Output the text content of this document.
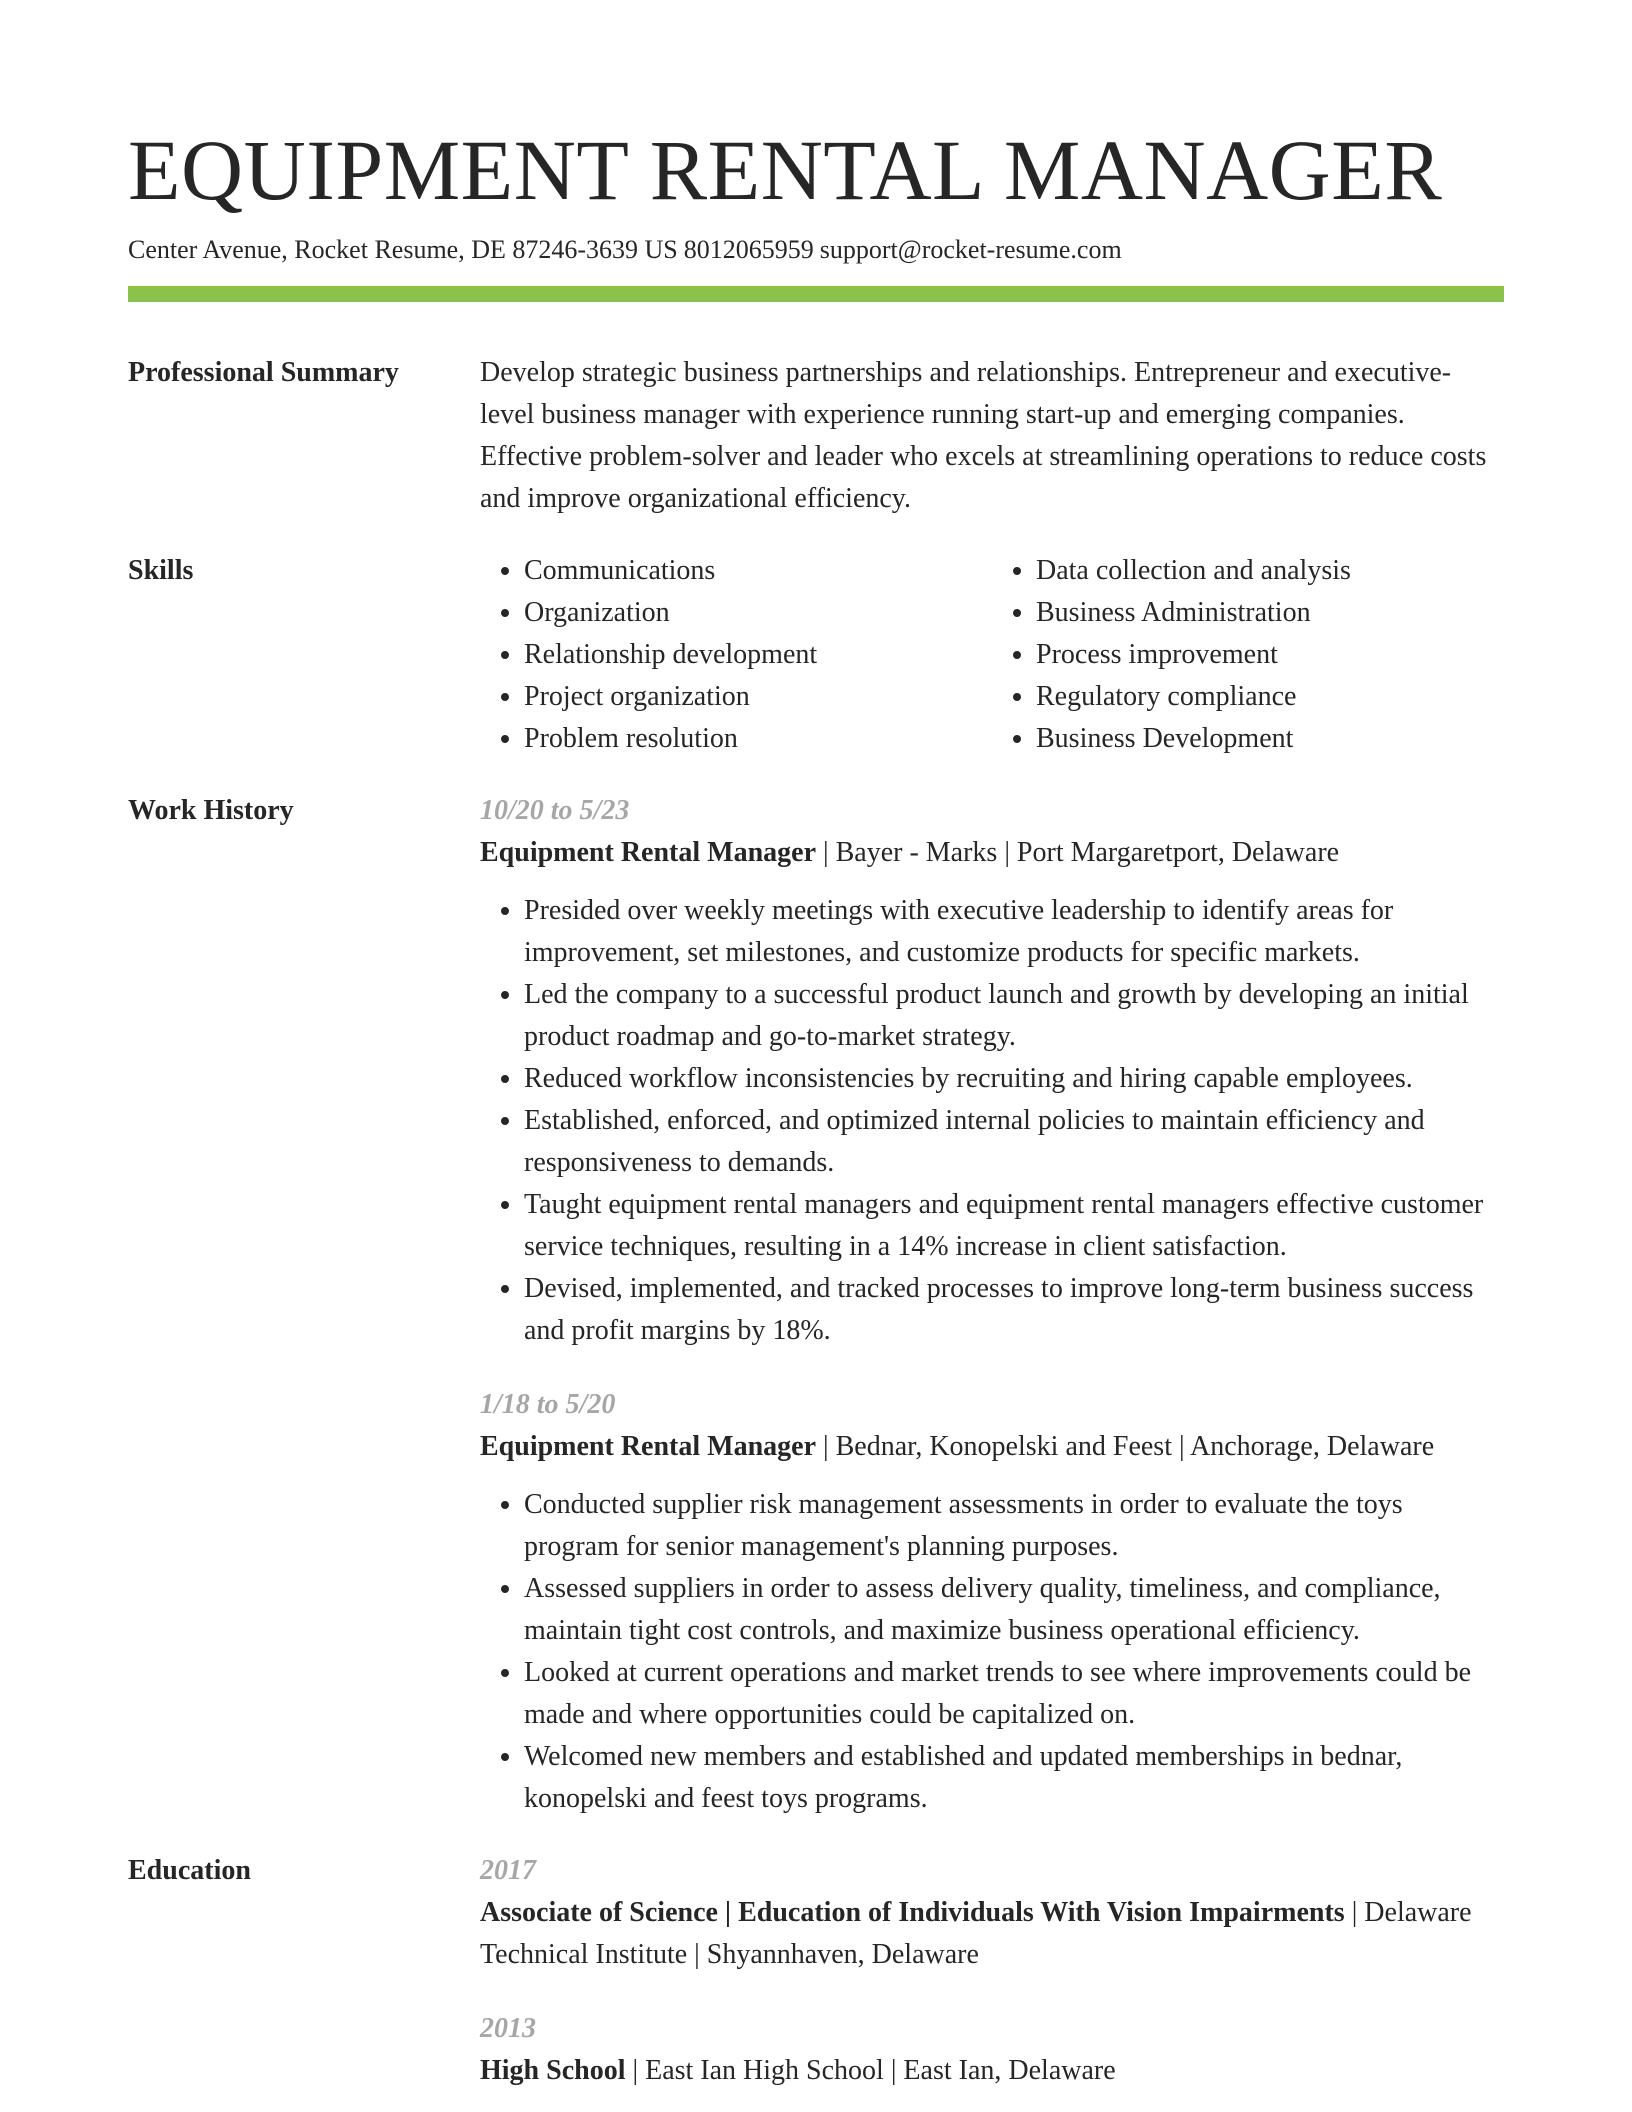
EQUIPMENT RENTAL MANAGER
Center Avenue, Rocket Resume, DE 87246-3639 US 8012065959 support@rocket-resume.com
Professional Summary	Develop strategic business partnerships and relationships. Entrepreneur and executive-level business manager with experience running start-up and emerging companies. Effective problem-solver and leader who excels at streamlining operations to reduce costs and improve organizational efficiency.

Skills
•	Communications
• Organization
• Relationship development
• Project organization
• Problem resolution
• Data collection and analysis
• Business Administration
• Process improvement
• Regulatory compliance
• Business Development
Work History	10/20 to 5/23
Equipment Rental Manager | Bayer - Marks | Port Margaretport, Delaware
• Presided over weekly meetings with executive leadership to identify areas for improvement, set milestones, and customize products for specific markets.
• Led the company to a successful product launch and growth by developing an initial product roadmap and go-to-market strategy.
• Reduced workflow inconsistencies by recruiting and hiring capable employees.
• Established, enforced, and optimized internal policies to maintain efficiency and responsiveness to demands.
• Taught equipment rental managers and equipment rental managers effective customer service techniques, resulting in a 14% increase in client satisfaction.
• Devised, implemented, and tracked processes to improve long-term business success and profit margins by 18%.
1/18 to 5/20
Equipment Rental Manager | Bednar, Konopelski and Feest | Anchorage, Delaware
• Conducted supplier risk management assessments in order to evaluate the toys program for senior management's planning purposes.
• Assessed suppliers in order to assess delivery quality, timeliness, and compliance, maintain tight cost controls, and maximize business operational efficiency.
• Looked at current operations and market trends to see where improvements could be made and where opportunities could be capitalized on.
• Welcomed new members and established and updated memberships in bednar, konopelski and feest toys programs.
Education	2017
Associate of Science | Education of Individuals With Vision Impairments | Delaware Technical Institute | Shyannhaven, Delaware
2013
High School | East Ian High School | East Ian, Delaware
